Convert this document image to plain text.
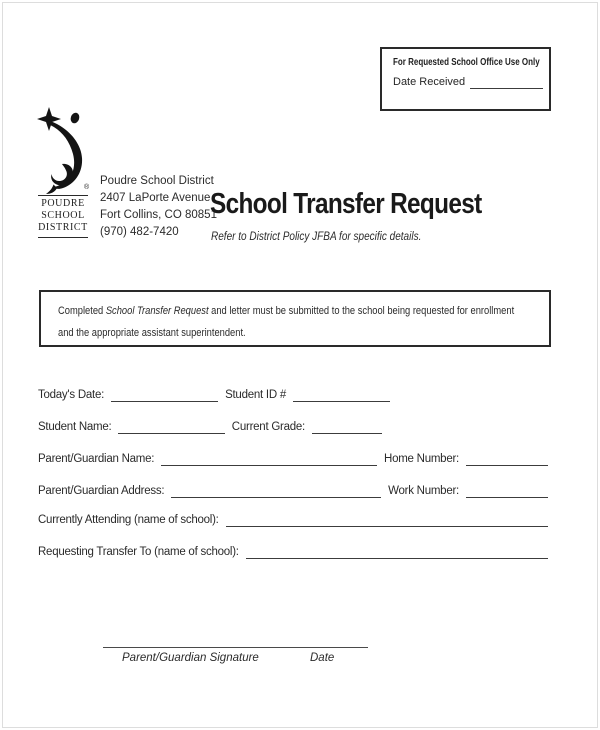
For Requested School Office Use Only
Date Received
®
POUDRE
SCHOOL
DISTRICT
Poudre School District
2407 LaPorte Avenue
Fort Collins, CO 80851
(970) 482-7420
School Transfer Request
Refer to District Policy JFBA for specific details.
Completed School Transfer Request and letter must be submitted to the school being requested for enrollment and the appropriate assistant superintendent.
Today's Date:	Student ID #
Student Name:	Current Grade:
Parent/Guardian Name:	Home Number:
Parent/Guardian Address:	Work Number:
Currently Attending (name of school):
Requesting Transfer To (name of school):
Parent/Guardian Signature	Date
